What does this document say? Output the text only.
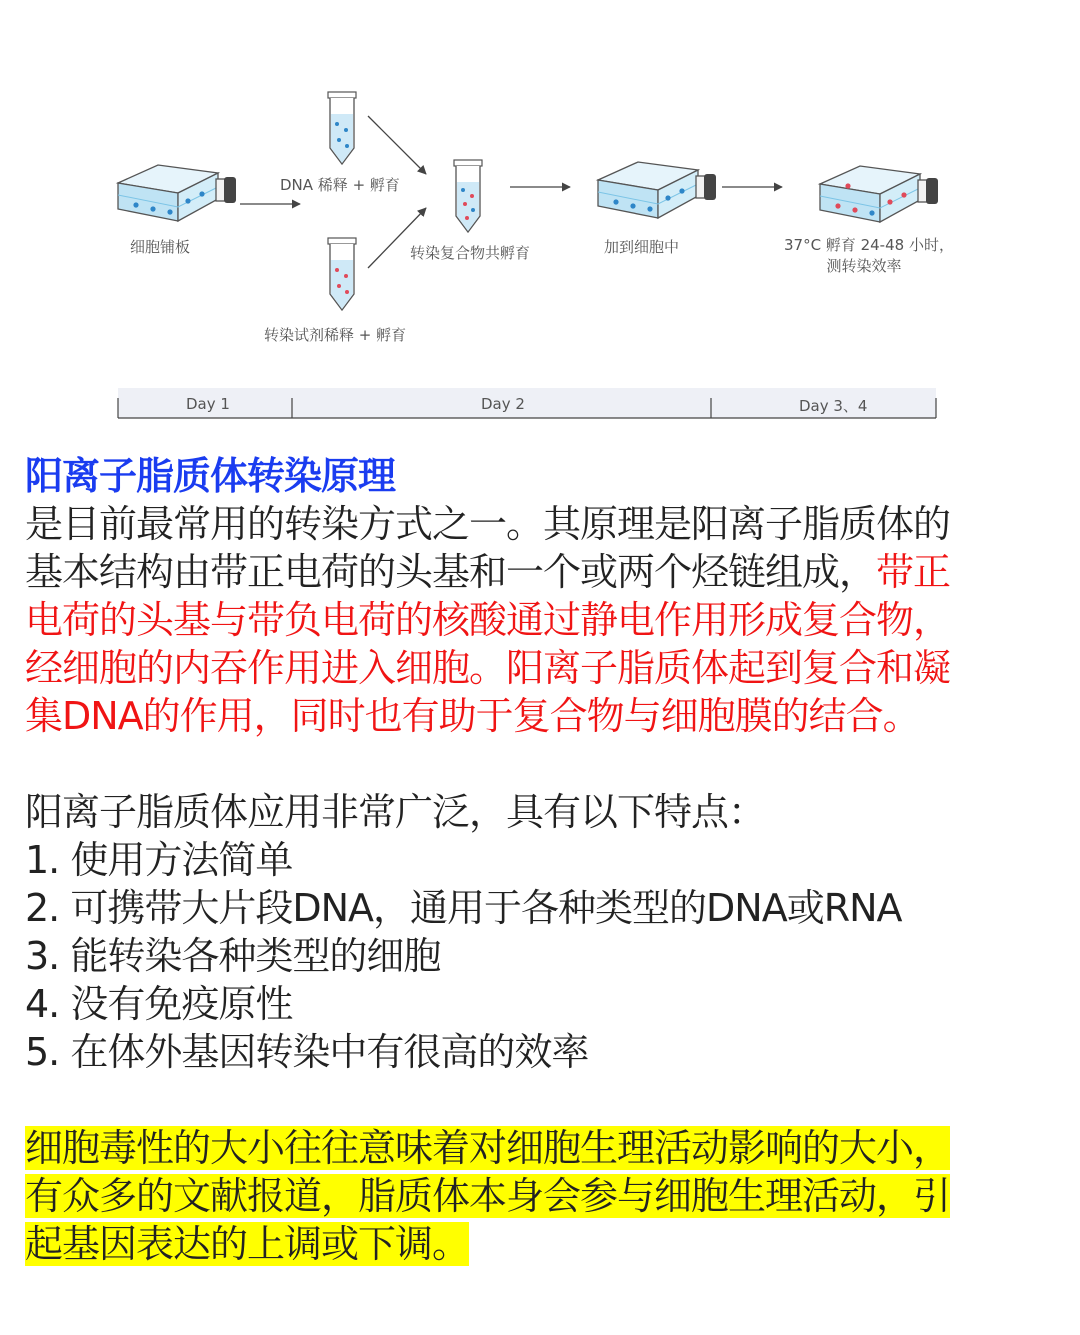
细胞铺板
DNA 稀释 + 孵育
转染试剂稀释 + 孵育
转染复合物共孵育	加到细胞中	37°C 孵育 24-48 小时，
测转染效率
Day 1	Day 2	Day 3、4

阳离子脂质体转染原理

是目前最常用的转染方式之一。其原理是阳离子脂质体的

基本结构由带正电荷的头基和一个或两个烃链组成，带正

电荷的头基与带负电荷的核酸通过静电作用形成复合物，

经细胞的内吞作用进入细胞。阳离子脂质体起到复合和凝

集DNA的作用，同时也有助于复合物与细胞膜的结合。

阳离子脂质体应用非常广泛，具有以下特点：

1. 使用方法简单

2. 可携带大片段DNA，通用于各种类型的DNA或RNA

3. 能转染各种类型的细胞

4. 没有免疫原性

5. 在体外基因转染中有很高的效率

细胞毒性的大小往往意味着对细胞生理活动影响的大小，

有众多的文献报道，脂质体本身会参与细胞生理活动，引

起基因表达的上调或下调。
